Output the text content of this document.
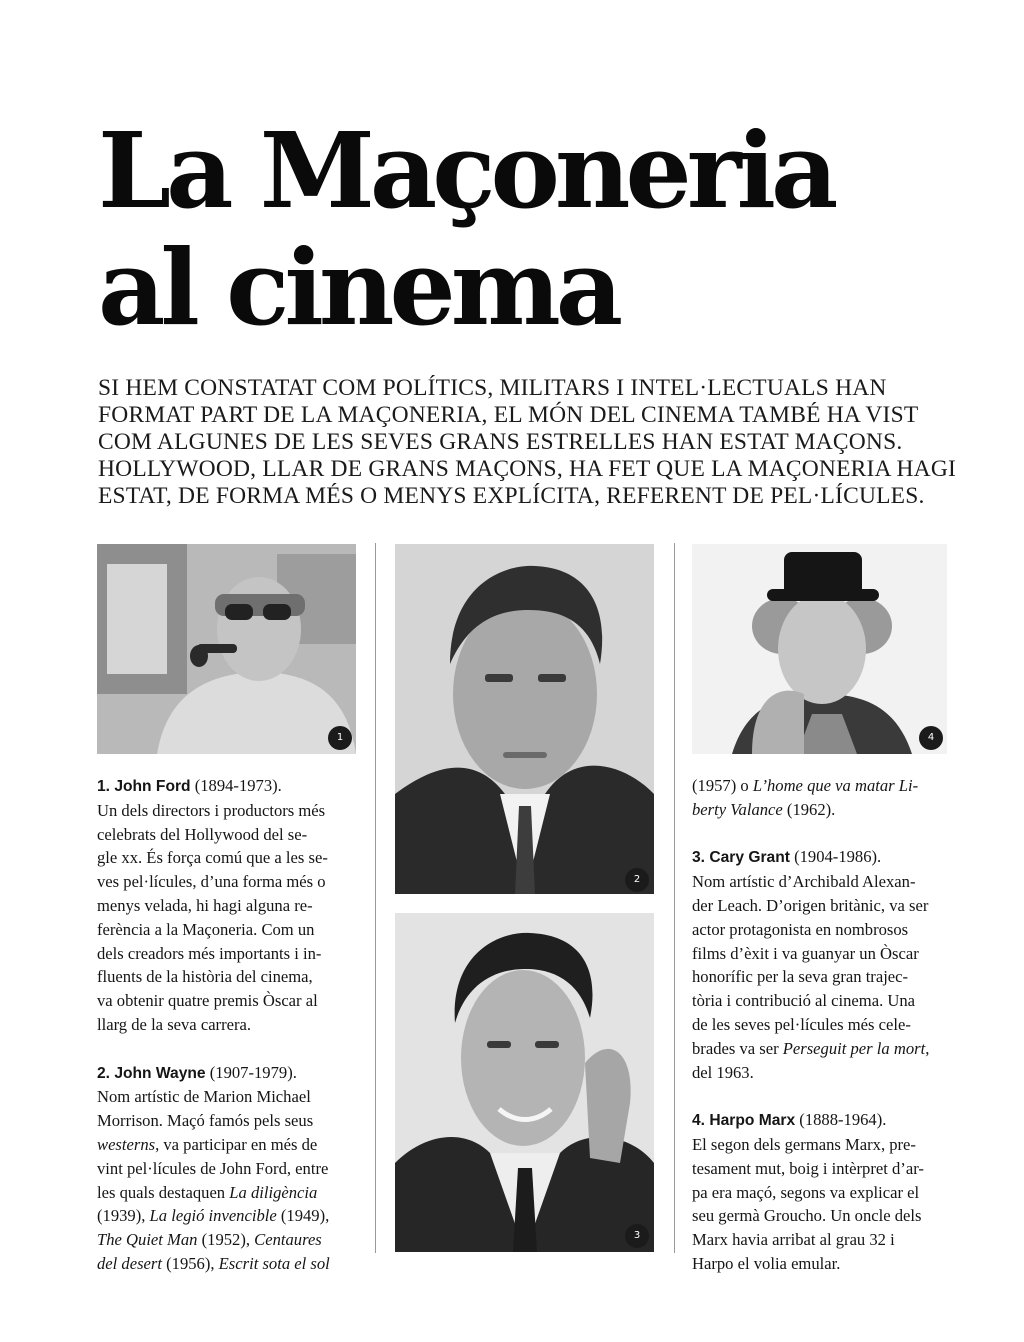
La Maçoneria
al cinema
SI HEM CONSTATAT COM POLÍTICS, MILITARS I INTEL·LECTUALS HAN
FORMAT PART DE LA MAÇONERIA, EL MÓN DEL CINEMA TAMBÉ HA VIST
COM ALGUNES DE LES SEVES GRANS ESTRELLES HAN ESTAT MAÇONS.
HOLLYWOOD, LLAR DE GRANS MAÇONS, HA FET QUE LA MAÇONERIA HAGI
ESTAT, DE FORMA MÉS O MENYS EXPLÍCITA, REFERENT DE PEL·LÍCULES.
1
2
3
4

1. John Ford (1894-1973).
Un dels directors i productors més
celebrats del Hollywood del se-
gle xx. És força comú que a les se-
ves pel·lícules, d’una forma més o
menys velada, hi hagi alguna re-
ferència a la Maçoneria. Com un
dels creadors més importants i in-
fluents de la història del cinema,
va obtenir quatre premis Òscar al
llarg de la seva carrera.

2. John Wayne (1907-1979).
Nom artístic de Marion Michael
Morrison. Maçó famós pels seus
westerns, va participar en més de
vint pel·lícules de John Ford, entre
les quals destaquen La diligència
(1939), La legió invencible (1949),
The Quiet Man (1952), Centaures
del desert (1956), Escrit sota el sol

(1957) o L’home que va matar Li-
berty Valance (1962).

3. Cary Grant (1904-1986).
Nom artístic d’Archibald Alexan-
der Leach. D’origen britànic, va ser
actor protagonista en nombrosos
films d’èxit i va guanyar un Òscar
honorífic per la seva gran trajec-
tòria i contribució al cinema. Una
de les seves pel·lícules més cele-
brades va ser Perseguit per la mort,
del 1963.

4. Harpo Marx (1888-1964).
El segon dels germans Marx, pre-
tesament mut, boig i intèrpret d’ar-
pa era maçó, segons va explicar el
seu germà Groucho. Un oncle dels
Marx havia arribat al grau 32 i
Harpo el volia emular.
